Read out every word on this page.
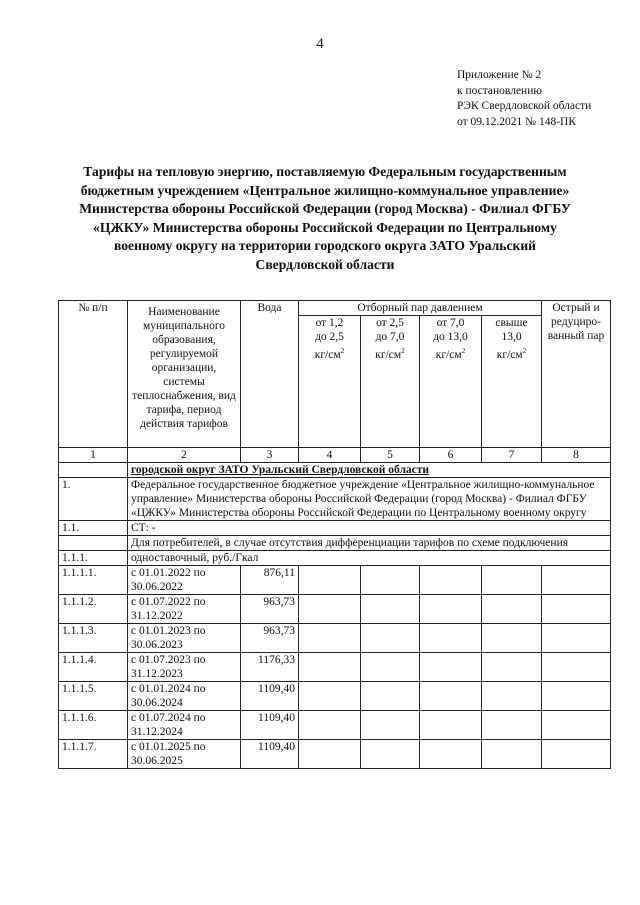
4
Приложение № 2
к постановлению
РЭК Свердловской области
от 09.12.2021 № 148-ПК
Тарифы на тепловую энергию, поставляемую Федеральным государственным бюджетным учреждением «Центральное жилищно-коммунальное управление» Министерства обороны Российской Федерации (город Москва) - Филиал ФГБУ «ЦЖКУ» Министерства обороны Российской Федерации по Центральному военному округу на территории городского округа ЗАТО Уральский Свердловской области
№ п/п	Наименование муниципального образования, регулируемой организации, системы теплоснабжения, вид тарифа, период действия тарифов	Вода	Отборный пар давлением				Острый и редуциро-ванный пар
			от 1,2
до 2,5
$кг/см^2$	от 2,5
до 7,0
$кг/см^2$	от 7,0
до 13,0
$кг/см^2$	свыше
13,0
$кг/см^2$
1	2	3	4	5	6	7	8
	городской округ ЗАТО Уральский Свердловской области						
1.	Федеральное государственное бюджетное учреждение «Центральное жилищно-коммунальное управление» Министерства обороны Российской Федерации (город Москва) - Филиал ФГБУ «ЦЖКУ» Министерства обороны Российской Федерации по Центральному военному округу						
1.1.	СТ: -						
	Для потребителей, в случае отсутствия дифференциации тарифов по схеме подключения						
1.1.1.	одноставочный, руб./Гкал						
1.1.1.1.	с 01.01.2022 по 30.06.2022	876,11					
1.1.1.2.	с 01.07.2022 по 31.12.2022	963,73					
1.1.1.3.	с 01.01.2023 по 30.06.2023	963,73					
1.1.1.4.	с 01.07.2023 по 31.12.2023	1176,33					
1.1.1.5.	с 01.01.2024 по 30.06.2024	1109,40					
1.1.1.6.	с 01.07.2024 по 31.12.2024	1109,40					
1.1.1.7.	с 01.01.2025 по 30.06.2025	1109,40					
